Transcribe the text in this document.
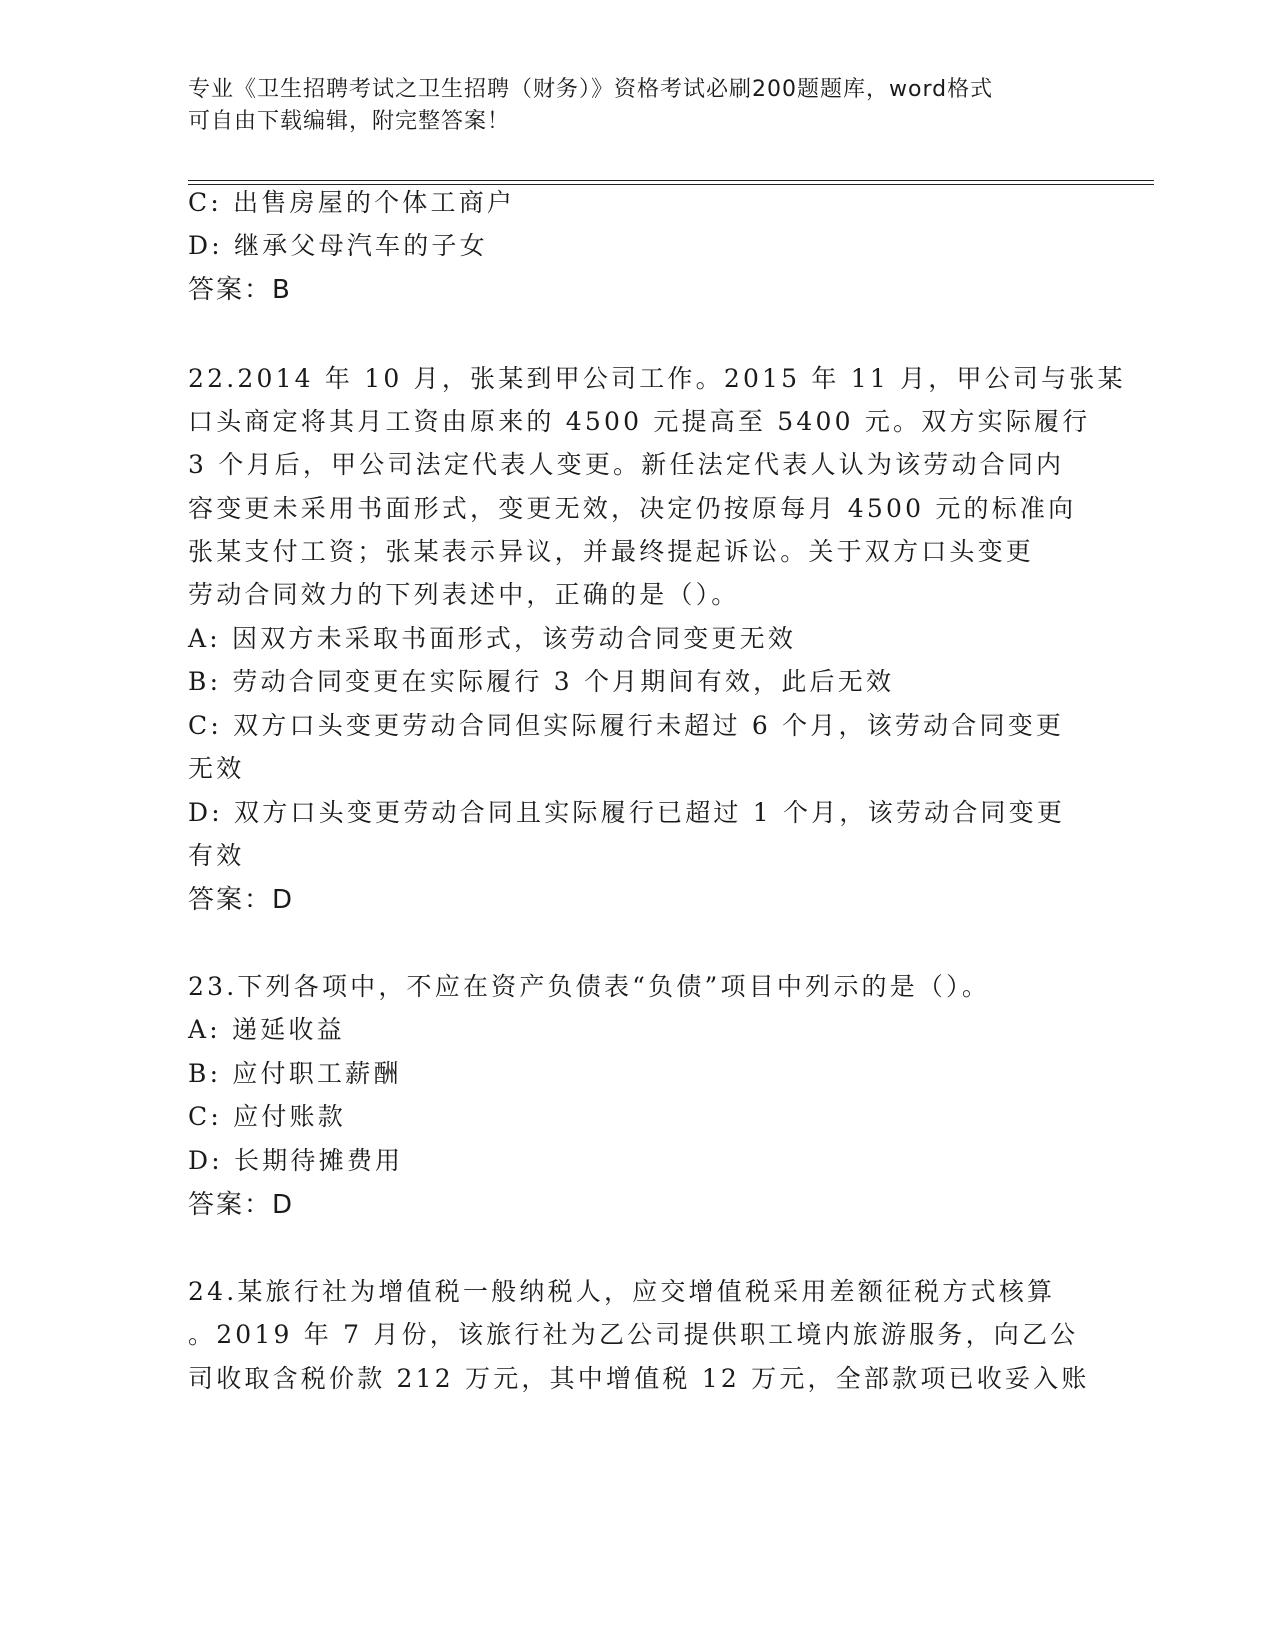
专业《卫生招聘考试之卫生招聘（财务）》资格考试必刷200题题库，word格式
可自由下载编辑，附完整答案！
C: 出售房屋的个体工商户
D: 继承父母汽车的子女
答案：B
22.2014 年 10 月，张某到甲公司工作。2015 年 11 月，甲公司与张某
口头商定将其月工资由原来的 4500 元提高至 5400 元。双方实际履行
3 个月后，甲公司法定代表人变更。新任法定代表人认为该劳动合同内
容变更未采用书面形式，变更无效，决定仍按原每月 4500 元的标准向
张某支付工资；张某表示异议，并最终提起诉讼。关于双方口头变更
劳动合同效力的下列表述中，正确的是（）。
A: 因双方未采取书面形式，该劳动合同变更无效
B: 劳动合同变更在实际履行 3 个月期间有效，此后无效
C: 双方口头变更劳动合同但实际履行未超过 6 个月，该劳动合同变更
无效
D: 双方口头变更劳动合同且实际履行已超过 1 个月，该劳动合同变更
有效
答案：D
23.下列各项中，不应在资产负债表“负债”项目中列示的是（）。
A: 递延收益
B: 应付职工薪酬
C: 应付账款
D: 长期待摊费用
答案：D
24.某旅行社为增值税一般纳税人，应交增值税采用差额征税方式核算
。2019 年 7 月份，该旅行社为乙公司提供职工境内旅游服务，向乙公
司收取含税价款 212 万元，其中增值税 12 万元，全部款项已收妥入账
